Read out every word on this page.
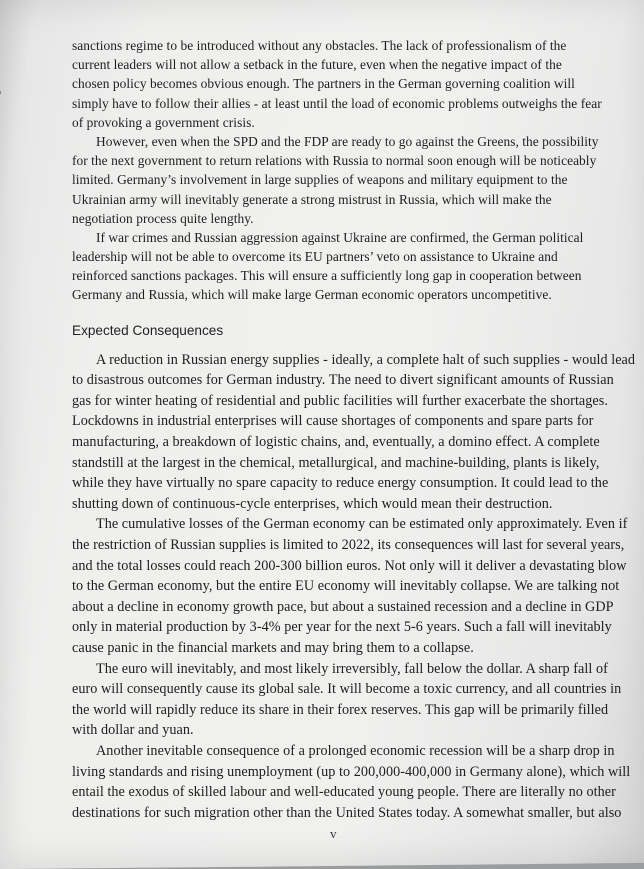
sanctions regime to be introduced without any obstacles. The lack of professionalism of the
current leaders will not allow a setback in the future, even when the negative impact of the
chosen policy becomes obvious enough. The partners in the German governing coalition will
simply have to follow their allies - at least until the load of economic problems outweighs the fear
of provoking a government crisis.
However, even when the SPD and the FDP are ready to go against the Greens, the possibility
for the next government to return relations with Russia to normal soon enough will be noticeably
limited. Germany’s involvement in large supplies of weapons and military equipment to the
Ukrainian army will inevitably generate a strong mistrust in Russia, which will make the
negotiation process quite lengthy.
If war crimes and Russian aggression against Ukraine are confirmed, the German political
leadership will not be able to overcome its EU partners’ veto on assistance to Ukraine and
reinforced sanctions packages. This will ensure a sufficiently long gap in cooperation between
Germany and Russia, which will make large German economic operators uncompetitive.
Expected Consequences
A reduction in Russian energy supplies - ideally, a complete halt of such supplies - would lead
to disastrous outcomes for German industry. The need to divert significant amounts of Russian
gas for winter heating of residential and public facilities will further exacerbate the shortages.
Lockdowns in industrial enterprises will cause shortages of components and spare parts for
manufacturing, a breakdown of logistic chains, and, eventually, a domino effect. A complete
standstill at the largest in the chemical, metallurgical, and machine-building, plants is likely,
while they have virtually no spare capacity to reduce energy consumption. It could lead to the
shutting down of continuous-cycle enterprises, which would mean their destruction.
The cumulative losses of the German economy can be estimated only approximately. Even if
the restriction of Russian supplies is limited to 2022, its consequences will last for several years,
and the total losses could reach 200-300 billion euros. Not only will it deliver a devastating blow
to the German economy, but the entire EU economy will inevitably collapse. We are talking not
about a decline in economy growth pace, but about a sustained recession and a decline in GDP
only in material production by 3-4% per year for the next 5-6 years. Such a fall will inevitably
cause panic in the financial markets and may bring them to a collapse.
The euro will inevitably, and most likely irreversibly, fall below the dollar. A sharp fall of
euro will consequently cause its global sale. It will become a toxic currency, and all countries in
the world will rapidly reduce its share in their forex reserves. This gap will be primarily filled
with dollar and yuan.
Another inevitable consequence of a prolonged economic recession will be a sharp drop in
living standards and rising unemployment (up to 200,000-400,000 in Germany alone), which will
entail the exodus of skilled labour and well-educated young people. There are literally no other
destinations for such migration other than the United States today. A somewhat smaller, but also
v
